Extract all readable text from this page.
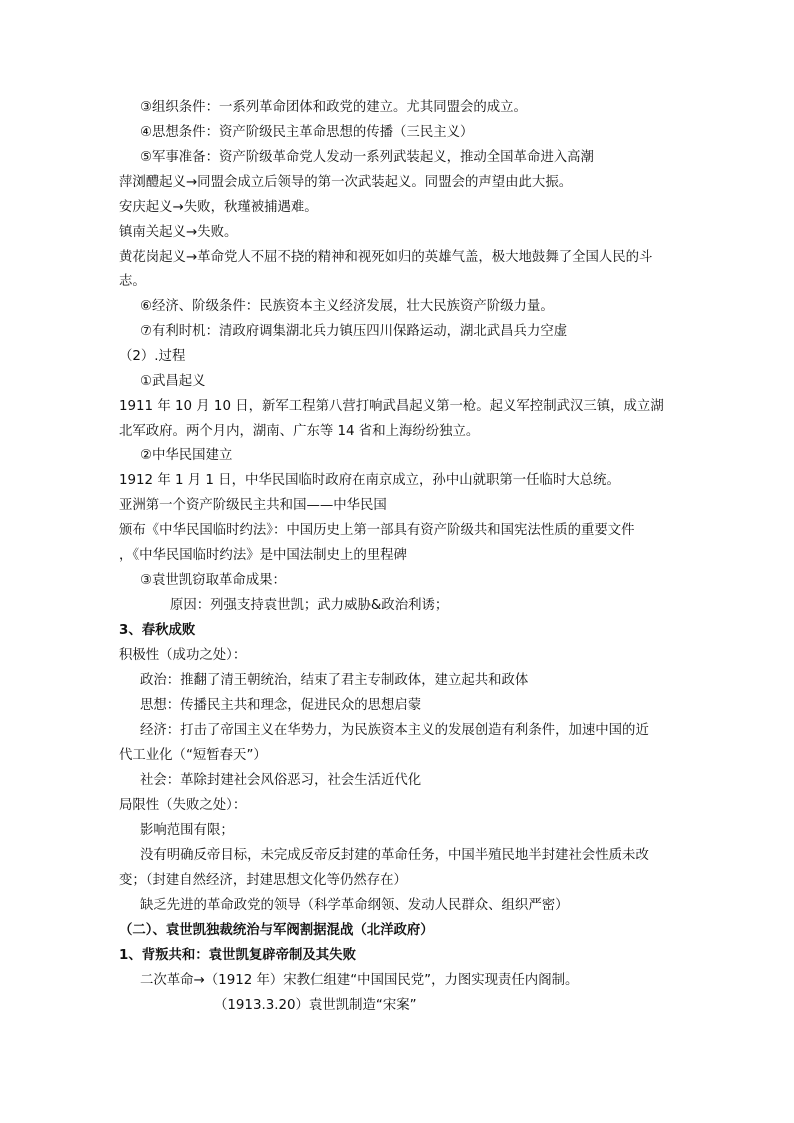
③组织条件：一系列革命团体和政党的建立。尤其同盟会的成立。
④思想条件：资产阶级民主革命思想的传播（三民主义）
⑤军事准备：资产阶级革命党人发动一系列武装起义，推动全国革命进入高潮
萍浏醴起义→同盟会成立后领导的第一次武装起义。同盟会的声望由此大振。
安庆起义→失败，秋瑾被捕遇难。
镇南关起义→失败。
黄花岗起义→革命党人不屈不挠的精神和视死如归的英雄气盖，极大地鼓舞了全国人民的斗
志。
⑥经济、阶级条件：民族资本主义经济发展，壮大民族资产阶级力量。
⑦有利时机：清政府调集湖北兵力镇压四川保路运动，湖北武昌兵力空虚
（2）.过程
①武昌起义
1911 年 10 月 10 日，新军工程第八营打响武昌起义第一枪。起义军控制武汉三镇，成立湖
北军政府。两个月内，湖南、广东等 14 省和上海纷纷独立。
②中华民国建立
1912 年 1 月 1 日，中华民国临时政府在南京成立，孙中山就职第一任临时大总统。
亚洲第一个资产阶级民主共和国——中华民国
颁布《中华民国临时约法》：中国历史上第一部具有资产阶级共和国宪法性质的重要文件
，《中华民国临时约法》是中国法制史上的里程碑
③袁世凯窃取革命成果：
原因：列强支持袁世凯；武力威胁&政治利诱；
3、春秋成败
积极性（成功之处）：
政治：推翻了清王朝统治，结束了君主专制政体，建立起共和政体
思想：传播民主共和理念，促进民众的思想启蒙
经济：打击了帝国主义在华势力，为民族资本主义的发展创造有利条件，加速中国的近
代工业化（“短暂春天”）
社会：革除封建社会风俗恶习，社会生活近代化
局限性（失败之处）：
影响范围有限；
没有明确反帝目标，未完成反帝反封建的革命任务，中国半殖民地半封建社会性质未改
变；（封建自然经济，封建思想文化等仍然存在）
缺乏先进的革命政党的领导（科学革命纲领、发动人民群众、组织严密）
（二）、袁世凯独裁统治与军阀割据混战（北洋政府）
1、背叛共和：袁世凯复辟帝制及其失败
二次革命→（1912 年）宋教仁组建“中国国民党”，力图实现责任内阁制。
（1913.3.20）袁世凯制造“宋案”
